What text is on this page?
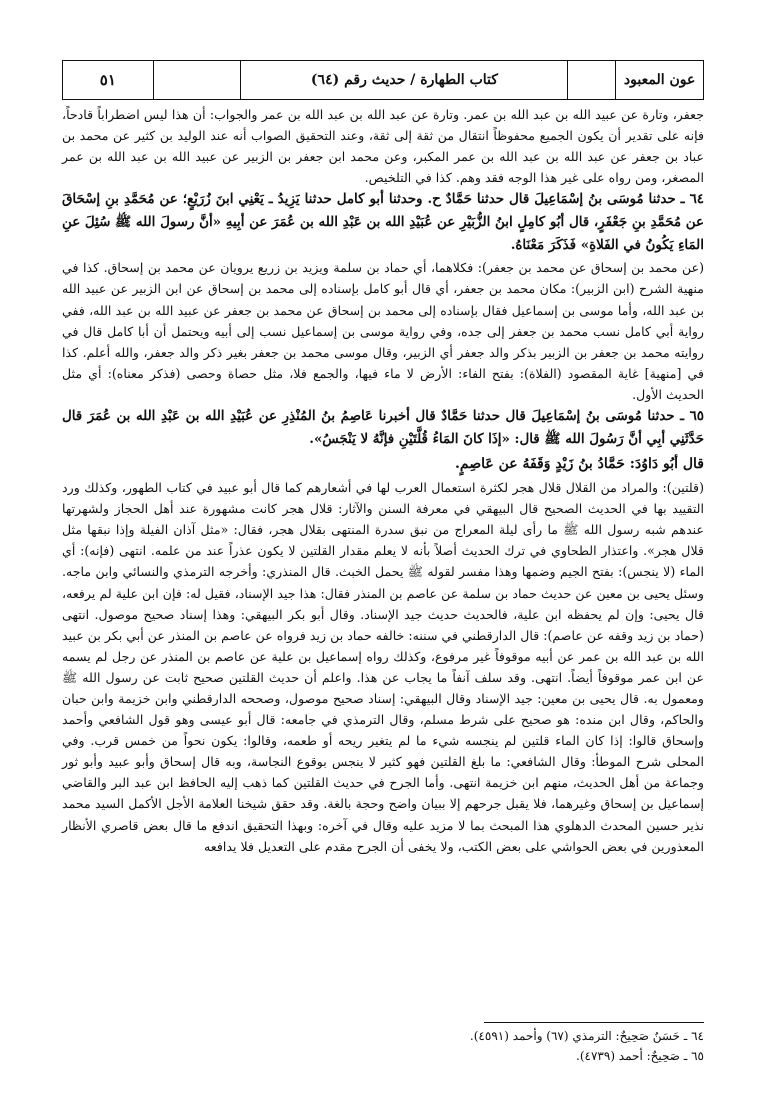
عون المعبود
كتاب الطهارة / حديث رقم (٦٤)
٥١

جعفر، وتارة عن عبيد الله بن عبد الله بن عمر. وتارة عن عبد الله بن عبد الله بن عمر والجواب: أن هذا ليس اضطراباً قادحاً، فإنه على تقدير أن يكون الجميع محفوظاً انتقال من ثقة إلى ثقة، وعند التحقيق الصواب أنه عند الوليد بن كثير عن محمد بن عباد بن جعفر عن عبد الله بن عبد الله بن عمر المكبر، وعن محمد ابن جعفر بن الزبير عن عبيد الله بن عبد الله بن عمر المصغر، ومن رواه على غير هذا الوجه فقد وهم. كذا في التلخيص.

٦٤ ـ حدثنا مُوسَى بنُ إسْمَاعِيلَ قال حدثنا حَمَّادٌ ح. وحدثنا أبو كامل حدثنا يَزِيدُ ـ يَعْنِي ابنَ زُرَيْعٍ؛ عن مُحَمَّدِ بنِ إسْحَاقَ عن مُحَمَّدِ بنِ جَعْفَرٍ، قال أبُو كامِلٍ ابنُ الزُّبَيْرِ عن عُبَيْدِ الله بن عَبْدِ الله بن عُمَرَ عن أبِيهِ «أنَّ رسولَ الله ﷺ سُئِلَ عنِ المَاءِ يَكُونُ في الفَلاةِ» فَذَكَرَ مَعْنَاهُ.

(عن محمد بن إسحاق عن محمد بن جعفر): فكلاهما، أي حماد بن سلمة ويزيد بن زريع يرويان عن محمد بن إسحاق. كذا في منهية الشرح (ابن الزبير): مكان محمد بن جعفر، أي قال أبو كامل بإسناده إلى محمد بن إسحاق عن ابن الزبير عن عبيد الله بن عبد الله، وأما موسى بن إسماعيل فقال بإسناده إلى محمد بن إسحاق عن محمد بن جعفر عن عبيد الله بن عبد الله، ففي رواية أبي كامل نسب محمد بن جعفر إلى جده، وفي رواية موسى بن إسماعيل نسب إلى أبيه ويحتمل أن أبا كامل قال في روايته محمد بن جعفر بن الزبير بذكر والد جعفر أي الزبير، وقال موسى محمد بن جعفر بغير ذكر والد جعفر، والله أعلم. كذا في [منهية] غاية المقصود (الفلاة): بفتح الفاء: الأرض لا ماء فيها، والجمع فلا، مثل حصاة وحصى (فذكر معناه): أي مثل الحديث الأول.

٦٥ ـ حدثنا مُوسَى بنُ إسْمَاعِيلَ قال حدثنا حَمَّادٌ قال أخبرنا عَاصِمُ بنُ المُنْذِرِ عن عُبَيْدِ الله بن عَبْدِ الله بن عُمَرَ قال حَدَّثَنِي أبِي أنَّ رَسُولَ الله ﷺ قال: «إذَا كانَ المَاءُ قُلَّتَيْنِ فإنَّهُ لا يَنْجَسُ».

قال أبُو دَاوُدَ: حَمَّادُ بنُ زَيْدٍ وَقَفَهُ عن عَاصِمٍ.

(قلتين): والمراد من القلال قلال هجر لكثرة استعمال العرب لها في أشعارهم كما قال أبو عبيد في كتاب الطهور، وكذلك ورد التقييد بها في الحديث الصحيح قال البيهقي في معرفة السنن والآثار: قلال هجر كانت مشهورة عند أهل الحجاز ولشهرتها عندهم شبه رسول الله ﷺ ما رأى ليلة المعراج من نبق سدرة المنتهى بقلال هجر، فقال: «مثل آذان الفيلة وإذا نبقها مثل قلال هجر». واعتذار الطحاوي في ترك الحديث أصلاً بأنه لا يعلم مقدار القلتين لا يكون عذراً عند من علمه. انتهى (فإنه): أي الماء (لا ينجس): بفتح الجيم وضمها وهذا مفسر لقوله ﷺ يحمل الخبث. قال المنذري: وأخرجه الترمذي والنسائي وابن ماجه. وسئل يحيى بن معين عن حديث حماد بن سلمة عن عاصم بن المنذر فقال: هذا جيد الإسناد، فقيل له: فإن ابن علية لم يرفعه، قال يحيى: وإن لم يحفظه ابن علية، فالحديث حديث جيد الإسناد. وقال أبو بكر البيهقي: وهذا إسناد صحيح موصول. انتهى (حماد بن زيد وقفه عن عاصم): قال الدارقطني في سننه: خالفه حماد بن زيد فرواه عن عاصم بن المنذر عن أبي بكر بن عبيد الله بن عبد الله بن عمر عن أبيه موقوفاً غير مرفوع، وكذلك رواه إسماعيل بن علية عن عاصم بن المنذر عن رجل لم يسمه عن ابن عمر موقوفاً أيضاً. انتهى. وقد سلف آنفاً ما يجاب عن هذا. واعلم أن حديث القلتين صحيح ثابت عن رسول الله ﷺ ومعمول به. قال يحيى بن معين: جيد الإسناد وقال البيهقي: إسناد صحيح موصول، وصححه الدارقطني وابن خزيمة وابن حبان والحاكم، وقال ابن منده: هو صحيح على شرط مسلم، وقال الترمذي في جامعه: قال أبو عيسى وهو قول الشافعي وأحمد وإسحاق قالوا: إذا كان الماء قلتين لم ينجسه شيء ما لم يتغير ريحه أو طعمه، وقالوا: يكون نحواً من خمس قرب. وفي المحلى شرح الموطأ: وقال الشافعي: ما بلغ القلتين فهو كثير لا ينجس بوقوع النجاسة، وبه قال إسحاق وأبو عبيد وأبو ثور وجماعة من أهل الحديث، منهم ابن خزيمة انتهى. وأما الجرح في حديث القلتين كما ذهب إليه الحافظ ابن عبد البر والقاضي إسماعيل بن إسحاق وغيرهما، فلا يقبل جرحهم إلا ببيان واضح وحجة بالغة. وقد حقق شيخنا العلامة الأجل الأكمل السيد محمد نذير حسين المحدث الدهلوي هذا المبحث بما لا مزيد عليه وقال في آخره: وبهذا التحقيق اندفع ما قال بعض قاصري الأنظار المعذورين في بعض الحواشي على بعض الكتب، ولا يخفى أن الجرح مقدم على التعديل فلا يدافعه

٦٤ ـ حَسَنٌ صَحِيحٌ: الترمذي (٦٧) وأحمد (٤٥٩١).

٦٥ ـ صَحِيحٌ: أحمد (٤٧٣٩).
